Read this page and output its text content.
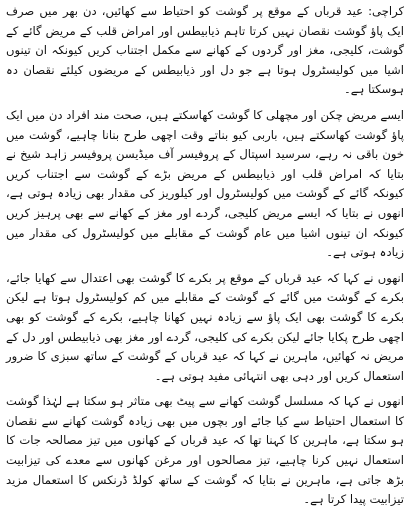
کراچی: عید قرباں کے موقع پر گوشت کو احتیاط سے کھائیں، دن بھر میں صرف ایک پاؤ گوشت نقصان نہیں کرتا تاہم ذیابیطس اور امراض قلب کے مریض گائے کے گوشت، کلیجی، مغز اور گردوں کے کھانے سے مکمل اجتناب کریں کیونکہ ان تینوں اشیا میں کولیسٹرول ہوتا ہے جو دل اور ذیابیطس کے مریضوں کیلئے نقصان دہ ہوسکتا ہے۔

ایسے مریض چکن اور مچھلی کا گوشت کھاسکتے ہیں، صحت مند افراد دن میں ایک پاؤ گوشت کھاسکتے ہیں، باربی کیو بناتے وقت اچھی طرح بنانا چاہیے، گوشت میں خون باقی نہ رہے، سرسید اسپتال کے پروفیسر آف میڈیسن پروفیسر زاہد شیخ نے بتایا کہ امراض قلب اور ذیابیطس کے مریض بڑے کے گوشت سے اجتناب کریں کیونکہ گائے کے گوشت میں کولیسٹرول اور کیلوریز کی مقدار بھی زیادہ ہوتی ہے، انھوں نے بتایا کہ ایسے مریض کلیجی، گردے اور مغز کے کھانے سے بھی پرہیز کریں کیونکہ ان تینوں اشیا میں عام گوشت کے مقابلے میں کولیسٹرول کی مقدار میں زیادہ ہوتی ہے۔

انھوں نے کہا کہ عید قرباں کے موقع پر بکرے کا گوشت بھی اعتدال سے کھایا جائے، بکرے کے گوشت میں گائے کے گوشت کے مقابلے میں کم کولیسٹرول ہوتا ہے لیکن بکرے کا گوشت بھی ایک پاؤ سے زیادہ نہیں کھانا چاہیے، بکرے کے گوشت کو بھی اچھی طرح پکایا جائے لیکن بکرے کی کلیجی، گردے اور مغز بھی ذیابیطس اور دل کے مریض نہ کھائیں، ماہرین نے کہا کہ عید قرباں کے گوشت کے ساتھ سبزی کا ضرور استعمال کریں اور دہی بھی انتہائی مفید ہوتی ہے۔

انھوں نے کہا کہ مسلسل گوشت کھانے سے پیٹ بھی متاثر ہو سکتا ہے لہٰذا گوشت کا استعمال احتیاط سے کیا جائے اور بچوں میں بھی زیادہ گوشت کھانے سے نقصان ہو سکتا ہے، ماہرین کا کہنا تھا کہ عید قرباں کے کھانوں میں تیز مصالحہ جات کا استعمال نہیں کرنا چاہیے، تیز مصالحوں اور مرغن کھانوں سے معدے کی تیزابیت بڑھ جاتی ہے، ماہرین نے بتایا کہ گوشت کے ساتھ کولڈ ڈرنکس کا استعمال مزید تیزابیت پیدا کرتا ہے۔
